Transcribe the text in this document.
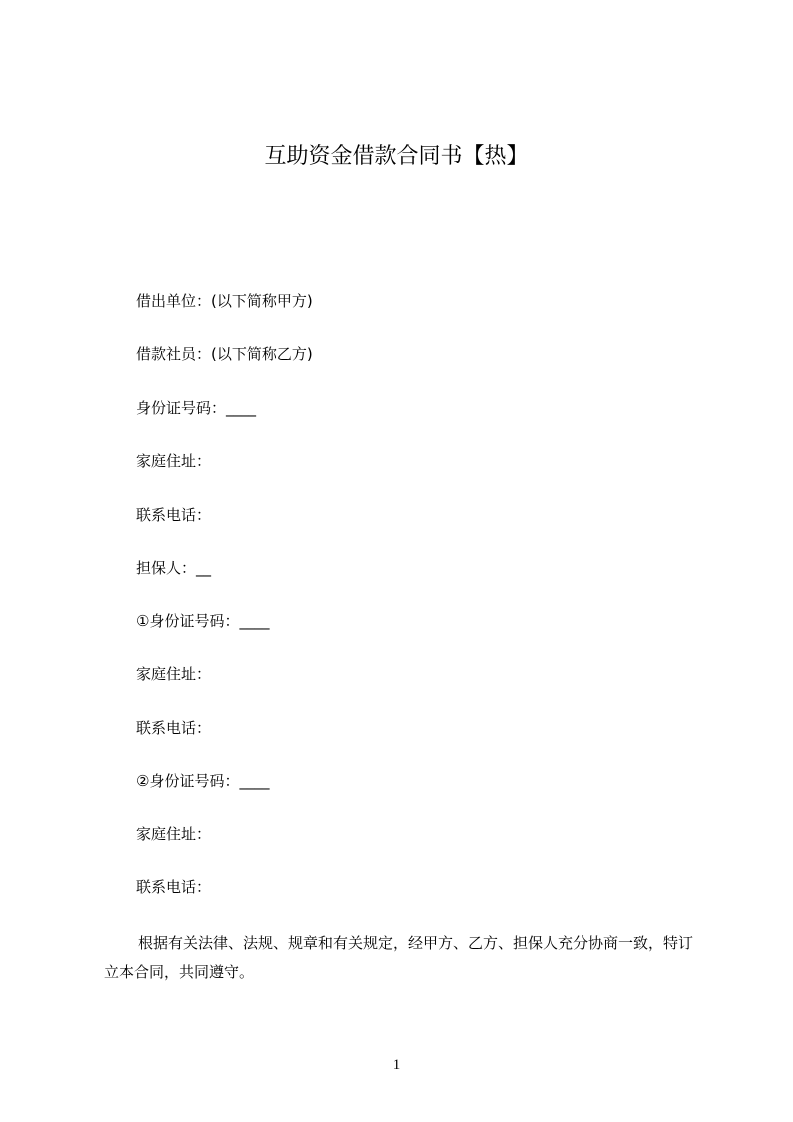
互助资金借款合同书【热】
借出单位：(以下简称甲方)
借款社员：(以下简称乙方)
身份证号码：____
家庭住址：
联系电话：
担保人：__
①身份证号码：____
家庭住址：
联系电话：
②身份证号码：____
家庭住址：
联系电话：
根据有关法律、法规、规章和有关规定，经甲方、乙方、担保人充分协商一致，特订立本合同，共同遵守。
1
